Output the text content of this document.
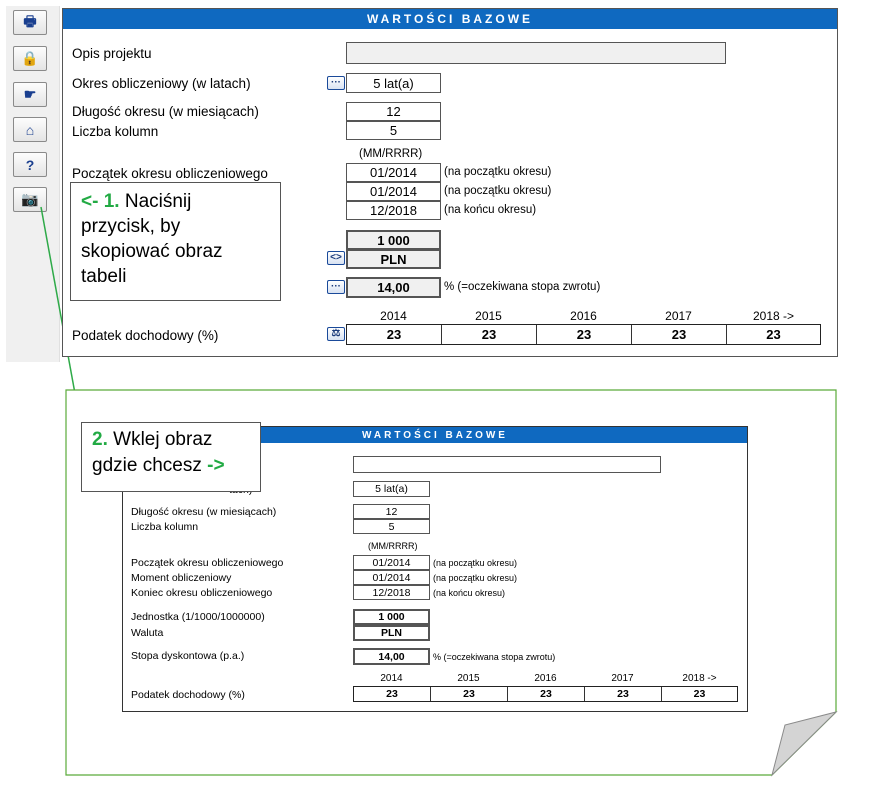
🖶
🔒
☛
⌂
?
📷
WARTOŚCI BAZOWE
Opis projektu
Okres obliczeniowy (w latach)	···	5 lat(a)
Długość okresu (w miesiącach)	12
Liczba kolumn	5
(MM/RRRR)
Początek okresu obliczeniowego	01/2014	(na początku okresu)
01/2014	(na początku okresu)
12/2018	(na końcu okresu)
1 000
<>	PLN
···	14,00	% (=oczekiwana stopa zwrotu)
2014	2015	2016	2017	2018 ->
Podatek dochodowy (%)	⚖	23	23	23	23	23
<- 1. Naciśnij przycisk, by skopiować obraz tabeli
WARTOŚCI BAZOWE
5 lat(a)
Długość okresu (w miesiącach)	12
Liczba kolumn	5
(MM/RRRR)
Początek okresu obliczeniowego	01/2014	(na początku okresu)
Moment obliczeniowy	01/2014	(na początku okresu)
Koniec okresu obliczeniowego	12/2018	(na końcu okresu)
Jednostka (1/1000/1000000)	1 000
Waluta	PLN
Stopa dyskontowa (p.a.)	14,00	% (=oczekiwana stopa zwrotu)
2014	2015	2016	2017	2018 ->
Podatek dochodowy (%)	23	23	23	23	23
2. Wklej obraz gdzie chcesz ->
